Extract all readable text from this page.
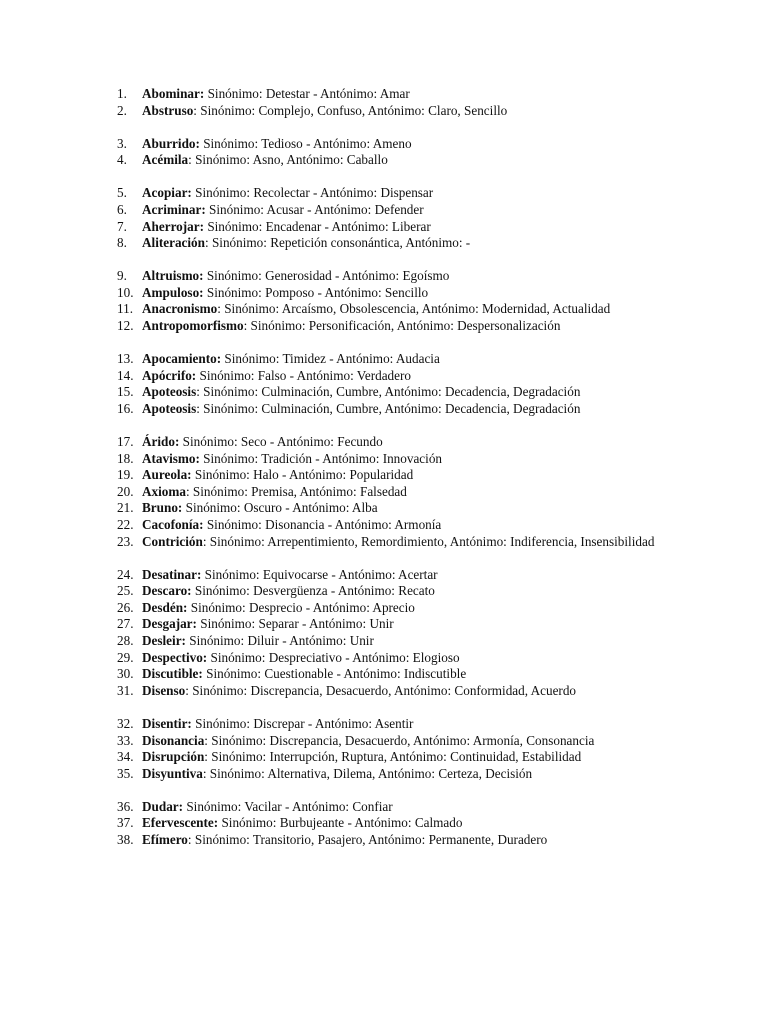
1.	Abominar: Sinónimo: Detestar - Antónimo: Amar
2.	Abstruso: Sinónimo: Complejo, Confuso, Antónimo: Claro, Sencillo
3.	Aburrido: Sinónimo: Tedioso - Antónimo: Ameno
4.	Acémila: Sinónimo: Asno, Antónimo: Caballo
5.	Acopiar: Sinónimo: Recolectar - Antónimo: Dispensar
6.	Acriminar: Sinónimo: Acusar - Antónimo: Defender
7.	Aherrojar: Sinónimo: Encadenar - Antónimo: Liberar
8.	Aliteración: Sinónimo: Repetición consonántica, Antónimo: -
9.	Altruismo: Sinónimo: Generosidad - Antónimo: Egoísmo
10. Ampuloso: Sinónimo: Pomposo - Antónimo: Sencillo
11. Anacronismo: Sinónimo: Arcaísmo, Obsolescencia, Antónimo: Modernidad, Actualidad
12. Antropomorfismo: Sinónimo: Personificación, Antónimo: Despersonalización
13. Apocamiento: Sinónimo: Timidez - Antónimo: Audacia
14. Apócrifo: Sinónimo: Falso - Antónimo: Verdadero
15. Apoteosis: Sinónimo: Culminación, Cumbre, Antónimo: Decadencia, Degradación
16. Apoteosis: Sinónimo: Culminación, Cumbre, Antónimo: Decadencia, Degradación
17. Árido: Sinónimo: Seco - Antónimo: Fecundo
18. Atavismo: Sinónimo: Tradición - Antónimo: Innovación
19. Aureola: Sinónimo: Halo - Antónimo: Popularidad
20. Axioma: Sinónimo: Premisa, Antónimo: Falsedad
21. Bruno: Sinónimo: Oscuro - Antónimo: Alba
22. Cacofonía: Sinónimo: Disonancia - Antónimo: Armonía
23. Contrición: Sinónimo: Arrepentimiento, Remordimiento, Antónimo: Indiferencia, Insensibilidad
24. Desatinar: Sinónimo: Equivocarse - Antónimo: Acertar
25. Descaro: Sinónimo: Desvergüenza - Antónimo: Recato
26. Desdén: Sinónimo: Desprecio - Antónimo: Aprecio
27. Desgajar: Sinónimo: Separar - Antónimo: Unir
28. Desleir: Sinónimo: Diluir - Antónimo: Unir
29. Despectivo: Sinónimo: Despreciativo - Antónimo: Elogioso
30. Discutible: Sinónimo: Cuestionable - Antónimo: Indiscutible
31. Disenso: Sinónimo: Discrepancia, Desacuerdo, Antónimo: Conformidad, Acuerdo
32. Disentir: Sinónimo: Discrepar - Antónimo: Asentir
33. Disonancia: Sinónimo: Discrepancia, Desacuerdo, Antónimo: Armonía, Consonancia
34. Disrupción: Sinónimo: Interrupción, Ruptura, Antónimo: Continuidad, Estabilidad
35. Disyuntiva: Sinónimo: Alternativa, Dilema, Antónimo: Certeza, Decisión
36. Dudar: Sinónimo: Vacilar - Antónimo: Confiar
37. Efervescente: Sinónimo: Burbujeante - Antónimo: Calmado
38. Efímero: Sinónimo: Transitorio, Pasajero, Antónimo: Permanente, Duradero
